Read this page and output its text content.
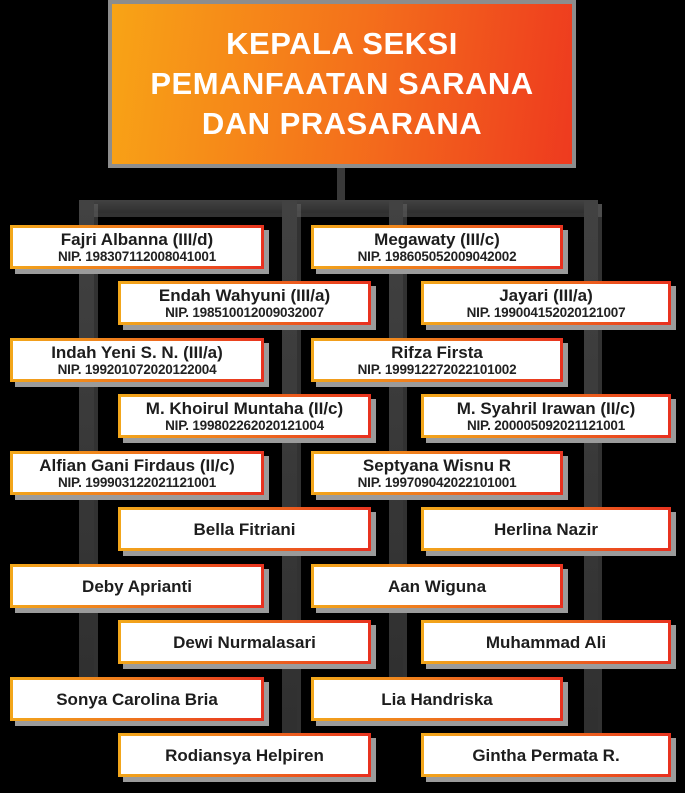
KEPALA SEKSI
PEMANFAATAN SARANA
DAN PRASARANA
Fajri Albanna (III/d)
NIP. 198307112008041001
Endah Wahyuni (III/a)
NIP. 198510012009032007
Indah Yeni S. N. (III/a)
NIP. 199201072020122004
M. Khoirul Muntaha (II/c)
NIP. 199802262020121004
Alfian Gani Firdaus (II/c)
NIP. 199903122021121001
Bella Fitriani
Deby Aprianti
Dewi Nurmalasari
Sonya Carolina Bria
Rodiansya Helpiren
Megawaty (III/c)
NIP. 198605052009042002
Jayari (III/a)
NIP. 199004152020121007
Rifza Firsta
NIP. 199912272022101002
M. Syahril Irawan (II/c)
NIP. 200005092021121001
Septyana Wisnu R
NIP. 199709042022101001
Herlina Nazir
Aan Wiguna
Muhammad Ali
Lia Handriska
Gintha Permata R.
